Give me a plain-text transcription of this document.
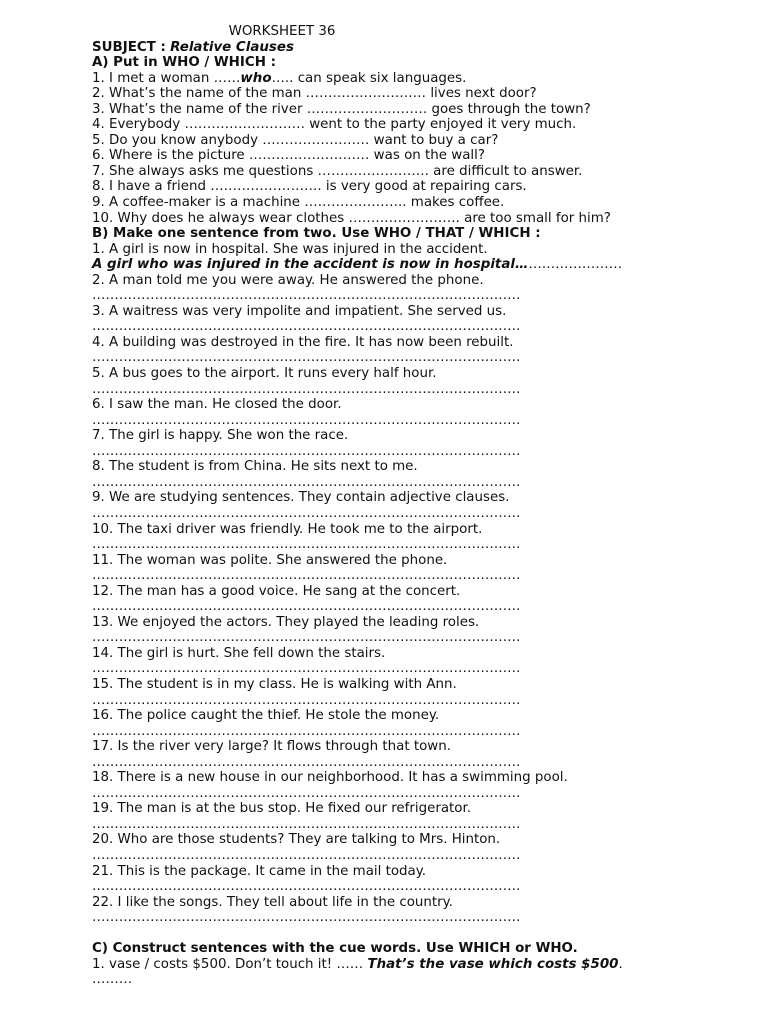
WORKSHEET 36
SUBJECT : Relative Clauses
A) Put in WHO / WHICH :
1. I met a woman ……who….. can speak six languages.
2. What’s the name of the man ……………………… lives next door?
3. What’s the name of the river ……………………… goes through the town?
4. Everybody ……………………… went to the party enjoyed it very much.
5. Do you know anybody …………………… want to buy a car?
6. Where is the picture ……………………… was on the wall?
7. She always asks me questions ……………………. are difficult to answer.
8. I have a friend ……………………. is very good at repairing cars.
9. A coffee-maker is a machine ………………….. makes coffee.
10. Why does he always wear clothes ……………………. are too small for him?
B) Make one sentence from two. Use WHO / THAT / WHICH :
1. A girl is now in hospital. She was injured in the accident.
A girl who was injured in the accident is now in hospital……………………
2. A man told me you were away. He answered the phone.
……………………………………………………………………………………
3. A waitress was very impolite and impatient. She served us.
……………………………………………………………………………………
4. A building was destroyed in the fire. It has now been rebuilt.
……………………………………………………………………………………
5. A bus goes to the airport. It runs every half hour.
……………………………………………………………………………………
6. I saw the man. He closed the door.
……………………………………………………………………………………
7. The girl is happy. She won the race.
……………………………………………………………………………………
8. The student is from China. He sits next to me.
……………………………………………………………………………………
9. We are studying sentences. They contain adjective clauses.
……………………………………………………………………………………
10. The taxi driver was friendly. He took me to the airport.
……………………………………………………………………………………
11. The woman was polite. She answered the phone.
……………………………………………………………………………………
12. The man has a good voice. He sang at the concert.
……………………………………………………………………………………
13. We enjoyed the actors. They played the leading roles.
……………………………………………………………………………………
14. The girl is hurt. She fell down the stairs.
……………………………………………………………………………………
15. The student is in my class. He is walking with Ann.
……………………………………………………………………………………
16. The police caught the thief. He stole the money.
……………………………………………………………………………………
17. Is the river very large? It flows through that town.
……………………………………………………………………………………
18. There is a new house in our neighborhood. It has a swimming pool.
……………………………………………………………………………………
19. The man is at the bus stop. He fixed our refrigerator.
……………………………………………………………………………………
20. Who are those students? They are talking to Mrs. Hinton.
……………………………………………………………………………………
21. This is the package. It came in the mail today.
……………………………………………………………………………………
22. I like the songs. They tell about life in the country.
……………………………………………………………………………………
C) Construct sentences with the cue words. Use WHICH or WHO.
1. vase / costs $500. Don’t touch it! …… That’s the vase which costs $500.
………
